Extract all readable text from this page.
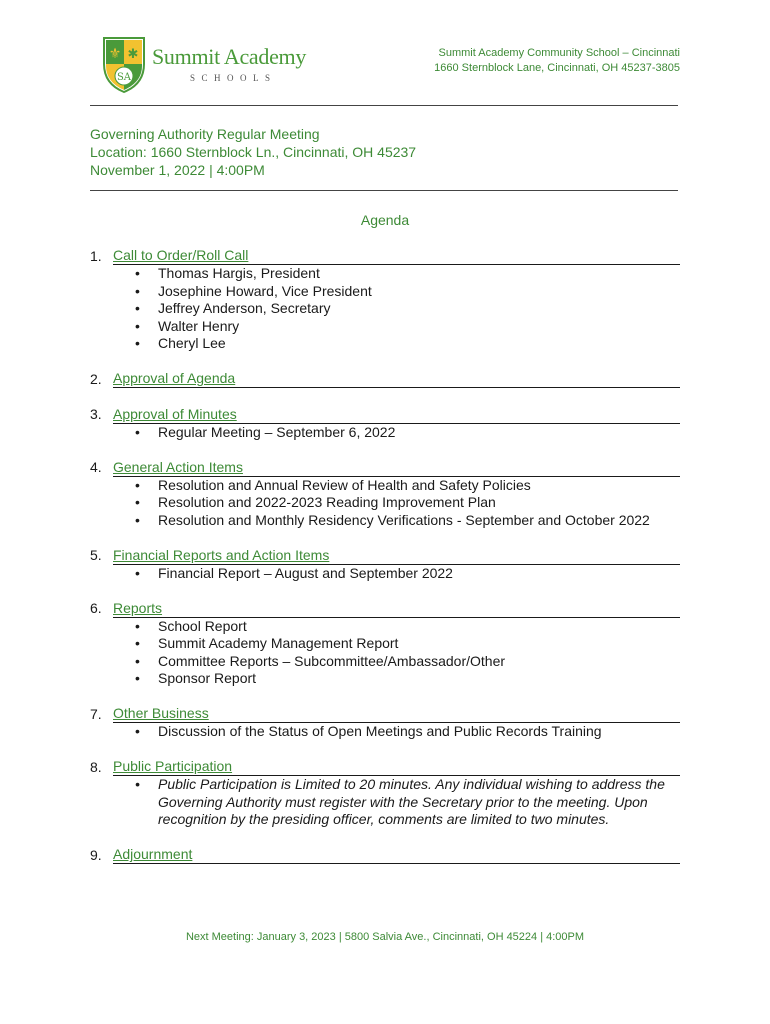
⚜ ✱
SA
Summit Academy
SCHOOLS
Summit Academy Community School – Cincinnati
1660 Sternblock Lane, Cincinnati, OH 45237-3805
Governing Authority Regular Meeting
Location: 1660 Sternblock Ln., Cincinnati, OH 45237
November 1, 2022 | 4:00PM
Agenda
1. Call to Order/Roll Call
• Thomas Hargis, President
• Josephine Howard, Vice President
• Jeffrey Anderson, Secretary
• Walter Henry
• Cheryl Lee
2. Approval of Agenda
3. Approval of Minutes
• Regular Meeting – September 6, 2022
4. General Action Items
• Resolution and Annual Review of Health and Safety Policies
• Resolution and 2022-2023 Reading Improvement Plan
• Resolution and Monthly Residency Verifications - September and October 2022
5. Financial Reports and Action Items
• Financial Report – August and September 2022
6. Reports
• School Report
• Summit Academy Management Report
• Committee Reports – Subcommittee/Ambassador/Other
• Sponsor Report
7. Other Business
• Discussion of the Status of Open Meetings and Public Records Training
8. Public Participation
• Public Participation is Limited to 20 minutes. Any individual wishing to address the Governing Authority must register with the Secretary prior to the meeting. Upon recognition by the presiding officer, comments are limited to two minutes.
9. Adjournment
Next Meeting: January 3, 2023 | 5800 Salvia Ave., Cincinnati, OH 45224 | 4:00PM
